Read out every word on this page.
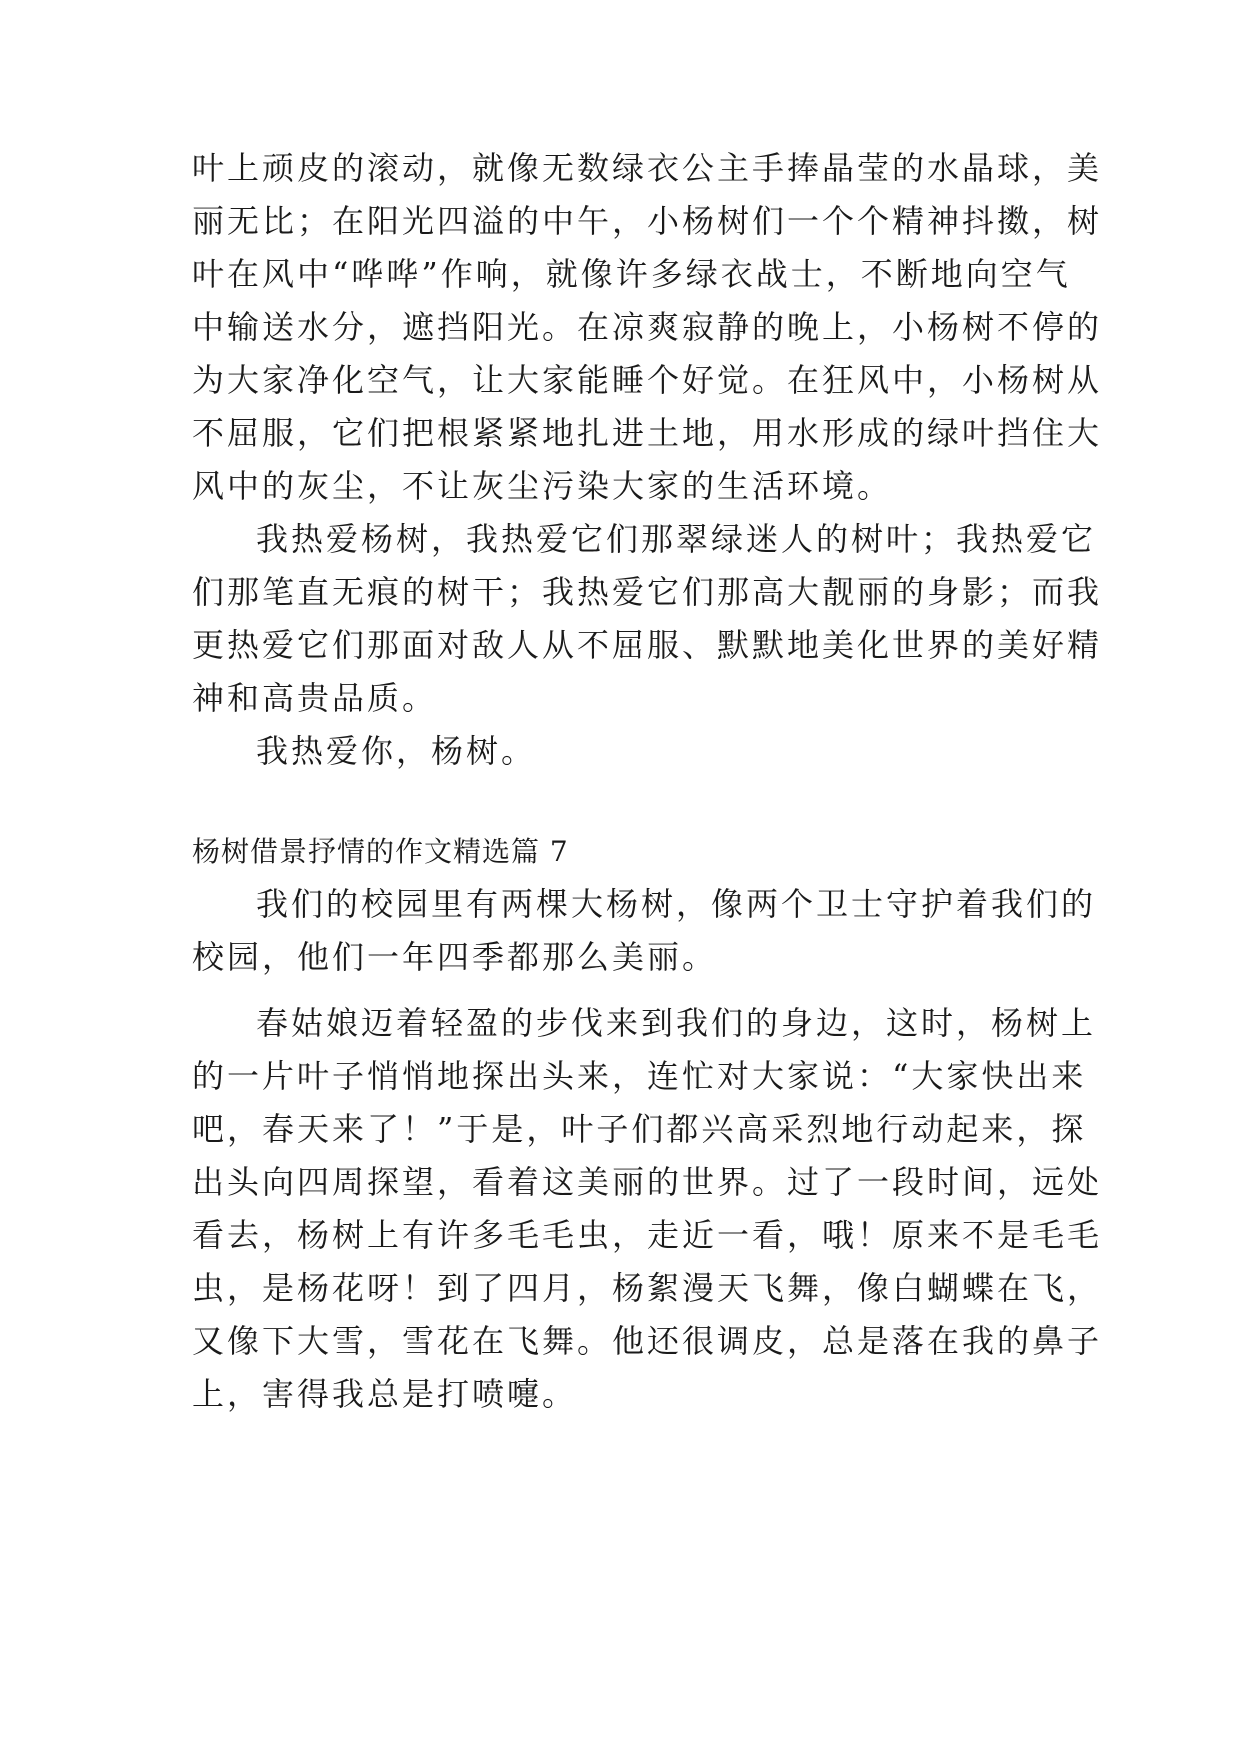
叶上顽皮的滚动，就像无数绿衣公主手捧晶莹的水晶球，美
丽无比；在阳光四溢的中午，小杨树们一个个精神抖擞，树
叶在风中“哗哗”作响，就像许多绿衣战士，不断地向空气
中输送水分，遮挡阳光。在凉爽寂静的晚上，小杨树不停的
为大家净化空气，让大家能睡个好觉。在狂风中，小杨树从
不屈服，它们把根紧紧地扎进土地，用水形成的绿叶挡住大
风中的灰尘，不让灰尘污染大家的生活环境。
我热爱杨树，我热爱它们那翠绿迷人的树叶；我热爱它
们那笔直无痕的树干；我热爱它们那高大靓丽的身影；而我
更热爱它们那面对敌人从不屈服、默默地美化世界的美好精
神和高贵品质。
我热爱你，杨树。
杨树借景抒情的作文精选篇 7
我们的校园里有两棵大杨树，像两个卫士守护着我们的
校园，他们一年四季都那么美丽。
春姑娘迈着轻盈的步伐来到我们的身边，这时，杨树上
的一片叶子悄悄地探出头来，连忙对大家说：“大家快出来
吧，春天来了！”于是，叶子们都兴高采烈地行动起来，探
出头向四周探望，看着这美丽的世界。过了一段时间，远处
看去，杨树上有许多毛毛虫，走近一看，哦！原来不是毛毛
虫，是杨花呀！到了四月，杨絮漫天飞舞，像白蝴蝶在飞，
又像下大雪，雪花在飞舞。他还很调皮，总是落在我的鼻子
上，害得我总是打喷嚏。
